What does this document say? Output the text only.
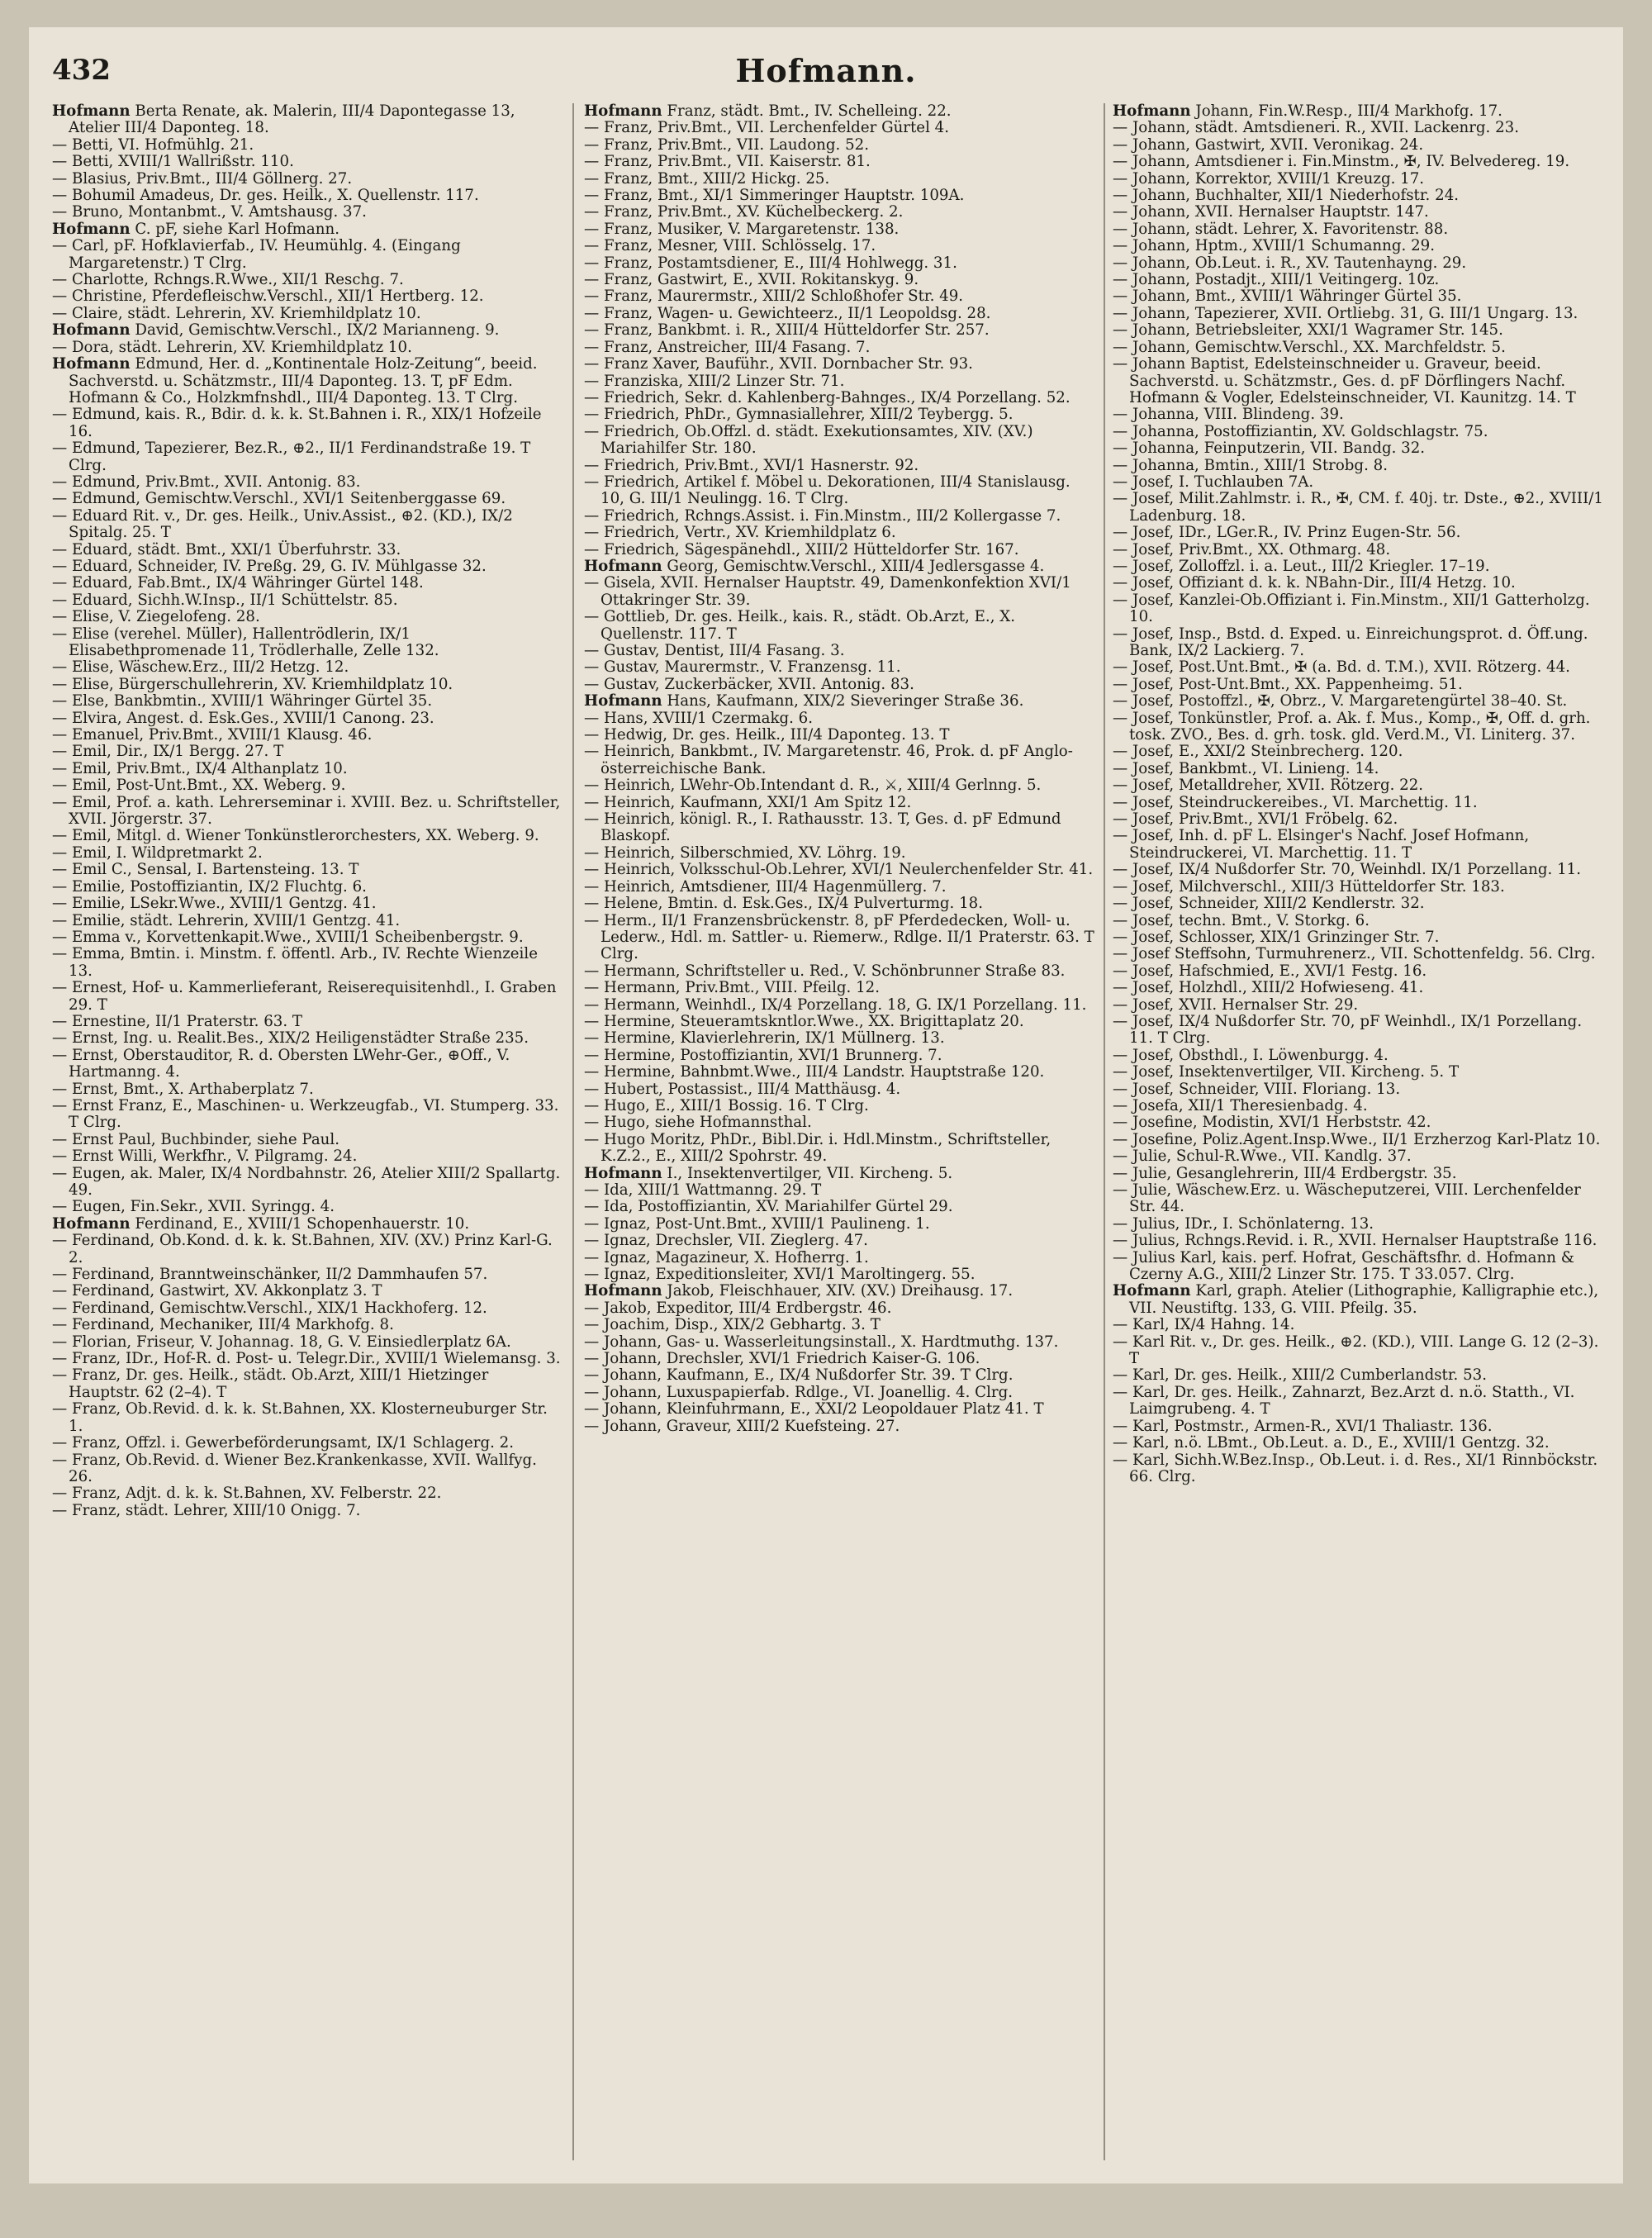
432	Hofmann.

Hofmann Berta Renate, ak. Malerin, III/4 Dapontegasse 13, Atelier III/4 Daponteg. 18.

— Betti, VI. Hofmühlg. 21.

— Betti, XVIII/1 Wallrißstr. 110.

— Blasius, Priv.Bmt., III/4 Göllnerg. 27.

— Bohumil Amadeus, Dr. ges. Heilk., X. Quellenstr. 117.

— Bruno, Montanbmt., V. Amtshausg. 37.

Hofmann C. pF, siehe Karl Hofmann.

— Carl, pF. Hofklavierfab., IV. Heumühlg. 4. (Eingang Margaretenstr.) T Clrg.

— Charlotte, Rchngs.R.Wwe., XII/1 Reschg. 7.

— Christine, Pferdefleischw.Verschl., XII/1 Hertberg. 12.

— Claire, städt. Lehrerin, XV. Kriemhildplatz 10.

Hofmann David, Gemischtw.Verschl., IX/2 Marianneng. 9.

— Dora, städt. Lehrerin, XV. Kriemhildplatz 10.

Hofmann Edmund, Her. d. „Kontinentale Holz-Zeitung“, beeid. Sachverstd. u. Schätzmstr., III/4 Daponteg. 13. T, pF Edm. Hofmann & Co., Holzkmfnshdl., III/4 Daponteg. 13. T Clrg.

— Edmund, kais. R., Bdir. d. k. k. St.Bahnen i. R., XIX/1 Hofzeile 16.

— Edmund, Tapezierer, Bez.R., ⊕2., II/1 Ferdinandstraße 19. T Clrg.

— Edmund, Priv.Bmt., XVII. Antonig. 83.

— Edmund, Gemischtw.Verschl., XVI/1 Seitenberggasse 69.

— Eduard Rit. v., Dr. ges. Heilk., Univ.Assist., ⊕2. (KD.), IX/2 Spitalg. 25. T

— Eduard, städt. Bmt., XXI/1 Überfuhrstr. 33.

— Eduard, Schneider, IV. Preßg. 29, G. IV. Mühlgasse 32.

— Eduard, Fab.Bmt., IX/4 Währinger Gürtel 148.

— Eduard, Sichh.W.Insp., II/1 Schüttelstr. 85.

— Elise, V. Ziegelofeng. 28.

— Elise (verehel. Müller), Hallentrödlerin, IX/1 Elisabethpromenade 11, Trödlerhalle, Zelle 132.

— Elise, Wäschew.Erz., III/2 Hetzg. 12.

— Elise, Bürgerschullehrerin, XV. Kriemhildplatz 10.

— Else, Bankbmtin., XVIII/1 Währinger Gürtel 35.

— Elvira, Angest. d. Esk.Ges., XVIII/1 Canong. 23.

— Emanuel, Priv.Bmt., XVIII/1 Klausg. 46.

— Emil, Dir., IX/1 Bergg. 27. T

— Emil, Priv.Bmt., IX/4 Althanplatz 10.

— Emil, Post-Unt.Bmt., XX. Weberg. 9.

— Emil, Prof. a. kath. Lehrerseminar i. XVIII. Bez. u. Schriftsteller, XVII. Jörgerstr. 37.

— Emil, Mitgl. d. Wiener Tonkünstlerorchesters, XX. Weberg. 9.

— Emil, I. Wildpretmarkt 2.

— Emil C., Sensal, I. Bartensteing. 13. T

— Emilie, Postoffiziantin, IX/2 Fluchtg. 6.

— Emilie, LSekr.Wwe., XVIII/1 Gentzg. 41.

— Emilie, städt. Lehrerin, XVIII/1 Gentzg. 41.

— Emma v., Korvettenkapit.Wwe., XVIII/1 Scheibenbergstr. 9.

— Emma, Bmtin. i. Minstm. f. öffentl. Arb., IV. Rechte Wienzeile 13.

— Ernest, Hof- u. Kammerlieferant, Reiserequisitenhdl., I. Graben 29. T

— Ernestine, II/1 Praterstr. 63. T

— Ernst, Ing. u. Realit.Bes., XIX/2 Heiligenstädter Straße 235.

— Ernst, Oberstauditor, R. d. Obersten LWehr-Ger., ⊕Off., V. Hartmanng. 4.

— Ernst, Bmt., X. Arthaberplatz 7.

— Ernst Franz, E., Maschinen- u. Werkzeugfab., VI. Stumperg. 33. T Clrg.

— Ernst Paul, Buchbinder, siehe Paul.

— Ernst Willi, Werkfhr., V. Pilgramg. 24.

— Eugen, ak. Maler, IX/4 Nordbahnstr. 26, Atelier XIII/2 Spallartg. 49.

— Eugen, Fin.Sekr., XVII. Syringg. 4.

Hofmann Ferdinand, E., XVIII/1 Schopenhauerstr. 10.

— Ferdinand, Ob.Kond. d. k. k. St.Bahnen, XIV. (XV.) Prinz Karl-G. 2.

— Ferdinand, Branntweinschänker, II/2 Dammhaufen 57.

— Ferdinand, Gastwirt, XV. Akkonplatz 3. T

— Ferdinand, Gemischtw.Verschl., XIX/1 Hackhoferg. 12.

— Ferdinand, Mechaniker, III/4 Markhofg. 8.

— Florian, Friseur, V. Johannag. 18, G. V. Einsiedlerplatz 6A.

— Franz, IDr., Hof-R. d. Post- u. Telegr.Dir., XVIII/1 Wielemansg. 3.

— Franz, Dr. ges. Heilk., städt. Ob.Arzt, XIII/1 Hietzinger Hauptstr. 62 (2–4). T

— Franz, Ob.Revid. d. k. k. St.Bahnen, XX. Klosterneuburger Str. 1.

— Franz, Offzl. i. Gewerbeförderungsamt, IX/1 Schlagerg. 2.

— Franz, Ob.Revid. d. Wiener Bez.Krankenkasse, XVII. Wallfyg. 26.

— Franz, Adjt. d. k. k. St.Bahnen, XV. Felberstr. 22.

— Franz, städt. Lehrer, XIII/10 Onigg. 7.

Hofmann Franz, städt. Bmt., IV. Schelleing. 22.

— Franz, Priv.Bmt., VII. Lerchenfelder Gürtel 4.

— Franz, Priv.Bmt., VII. Laudong. 52.

— Franz, Priv.Bmt., VII. Kaiserstr. 81.

— Franz, Bmt., XIII/2 Hickg. 25.

— Franz, Bmt., XI/1 Simmeringer Hauptstr. 109A.

— Franz, Priv.Bmt., XV. Küchelbeckerg. 2.

— Franz, Musiker, V. Margaretenstr. 138.

— Franz, Mesner, VIII. Schlösselg. 17.

— Franz, Postamtsdiener, E., III/4 Hohlwegg. 31.

— Franz, Gastwirt, E., XVII. Rokitanskyg. 9.

— Franz, Maurermstr., XIII/2 Schloßhofer Str. 49.

— Franz, Wagen- u. Gewichteerz., II/1 Leopoldsg. 28.

— Franz, Bankbmt. i. R., XIII/4 Hütteldorfer Str. 257.

— Franz, Anstreicher, III/4 Fasang. 7.

— Franz Xaver, Bauführ., XVII. Dornbacher Str. 93.

— Franziska, XIII/2 Linzer Str. 71.

— Friedrich, Sekr. d. Kahlenberg-Bahnges., IX/4 Porzellang. 52.

— Friedrich, PhDr., Gymnasiallehrer, XIII/2 Teybergg. 5.

— Friedrich, Ob.Offzl. d. städt. Exekutionsamtes, XIV. (XV.) Mariahilfer Str. 180.

— Friedrich, Priv.Bmt., XVI/1 Hasnerstr. 92.

— Friedrich, Artikel f. Möbel u. Dekorationen, III/4 Stanislausg. 10, G. III/1 Neulingg. 16. T Clrg.

— Friedrich, Rchngs.Assist. i. Fin.Minstm., III/2 Kollergasse 7.

— Friedrich, Vertr., XV. Kriemhildplatz 6.

— Friedrich, Sägespänehdl., XIII/2 Hütteldorfer Str. 167.

Hofmann Georg, Gemischtw.Verschl., XIII/4 Jedlersgasse 4.

— Gisela, XVII. Hernalser Hauptstr. 49, Damenkonfektion XVI/1 Ottakringer Str. 39.

— Gottlieb, Dr. ges. Heilk., kais. R., städt. Ob.Arzt, E., X. Quellenstr. 117. T

— Gustav, Dentist, III/4 Fasang. 3.

— Gustav, Maurermstr., V. Franzensg. 11.

— Gustav, Zuckerbäcker, XVII. Antonig. 83.

Hofmann Hans, Kaufmann, XIX/2 Sieveringer Straße 36.

— Hans, XVIII/1 Czermakg. 6.

— Hedwig, Dr. ges. Heilk., III/4 Daponteg. 13. T

— Heinrich, Bankbmt., IV. Margaretenstr. 46, Prok. d. pF Anglo-österreichische Bank.

— Heinrich, LWehr-Ob.Intendant d. R., ⚔, XIII/4 Gerlnng. 5.

— Heinrich, Kaufmann, XXI/1 Am Spitz 12.

— Heinrich, königl. R., I. Rathausstr. 13. T, Ges. d. pF Edmund Blaskopf.

— Heinrich, Silberschmied, XV. Löhrg. 19.

— Heinrich, Volksschul-Ob.Lehrer, XVI/1 Neulerchenfelder Str. 41.

— Heinrich, Amtsdiener, III/4 Hagenmüllerg. 7.

— Helene, Bmtin. d. Esk.Ges., IX/4 Pulverturmg. 18.

— Herm., II/1 Franzensbrückenstr. 8, pF Pferdedecken, Woll- u. Lederw., Hdl. m. Sattler- u. Riemerw., Rdlge. II/1 Praterstr. 63. T Clrg.

— Hermann, Schriftsteller u. Red., V. Schönbrunner Straße 83.

— Hermann, Priv.Bmt., VIII. Pfeilg. 12.

— Hermann, Weinhdl., IX/4 Porzellang. 18, G. IX/1 Porzellang. 11.

— Hermine, Steueramtskntlor.Wwe., XX. Brigittaplatz 20.

— Hermine, Klavierlehrerin, IX/1 Müllnerg. 13.

— Hermine, Postoffiziantin, XVI/1 Brunnerg. 7.

— Hermine, Bahnbmt.Wwe., III/4 Landstr. Hauptstraße 120.

— Hubert, Postassist., III/4 Matthäusg. 4.

— Hugo, E., XIII/1 Bossig. 16. T Clrg.

— Hugo, siehe Hofmannsthal.

— Hugo Moritz, PhDr., Bibl.Dir. i. Hdl.Minstm., Schriftsteller, K.Z.2., E., XIII/2 Spohrstr. 49.

Hofmann I., Insektenvertilger, VII. Kircheng. 5.

— Ida, XIII/1 Wattmanng. 29. T

— Ida, Postoffiziantin, XV. Mariahilfer Gürtel 29.

— Ignaz, Post-Unt.Bmt., XVIII/1 Paulineng. 1.

— Ignaz, Drechsler, VII. Zieglerg. 47.

— Ignaz, Magazineur, X. Hofherrg. 1.

— Ignaz, Expeditionsleiter, XVI/1 Maroltingerg. 55.

Hofmann Jakob, Fleischhauer, XIV. (XV.) Dreihausg. 17.

— Jakob, Expeditor, III/4 Erdbergstr. 46.

— Joachim, Disp., XIX/2 Gebhartg. 3. T

— Johann, Gas- u. Wasserleitungsinstall., X. Hardtmuthg. 137.

— Johann, Drechsler, XVI/1 Friedrich Kaiser-G. 106.

— Johann, Kaufmann, E., IX/4 Nußdorfer Str. 39. T Clrg.

— Johann, Luxuspapierfab. Rdlge., VI. Joanellig. 4. Clrg.

— Johann, Kleinfuhrmann, E., XXI/2 Leopoldauer Platz 41. T

— Johann, Graveur, XIII/2 Kuefsteing. 27.

Hofmann Johann, Fin.W.Resp., III/4 Markhofg. 17.

— Johann, städt. Amtsdieneri. R., XVII. Lackenrg. 23.

— Johann, Gastwirt, XVII. Veronikag. 24.

— Johann, Amtsdiener i. Fin.Minstm., ✠, IV. Belvedereg. 19.

— Johann, Korrektor, XVIII/1 Kreuzg. 17.

— Johann, Buchhalter, XII/1 Niederhofstr. 24.

— Johann, XVII. Hernalser Hauptstr. 147.

— Johann, städt. Lehrer, X. Favoritenstr. 88.

— Johann, Hptm., XVIII/1 Schumanng. 29.

— Johann, Ob.Leut. i. R., XV. Tautenhayng. 29.

— Johann, Postadjt., XIII/1 Veitingerg. 10z.

— Johann, Bmt., XVIII/1 Währinger Gürtel 35.

— Johann, Tapezierer, XVII. Ortliebg. 31, G. III/1 Ungarg. 13.

— Johann, Betriebsleiter, XXI/1 Wagramer Str. 145.

— Johann, Gemischtw.Verschl., XX. Marchfeldstr. 5.

— Johann Baptist, Edelsteinschneider u. Graveur, beeid. Sachverstd. u. Schätzmstr., Ges. d. pF Dörflingers Nachf. Hofmann & Vogler, Edelsteinschneider, VI. Kaunitzg. 14. T

— Johanna, VIII. Blindeng. 39.

— Johanna, Postoffiziantin, XV. Goldschlagstr. 75.

— Johanna, Feinputzerin, VII. Bandg. 32.

— Johanna, Bmtin., XIII/1 Strobg. 8.

— Josef, I. Tuchlauben 7A.

— Josef, Milit.Zahlmstr. i. R., ✠, CM. f. 40j. tr. Dste., ⊕2., XVIII/1 Ladenburg. 18.

— Josef, IDr., LGer.R., IV. Prinz Eugen-Str. 56.

— Josef, Priv.Bmt., XX. Othmarg. 48.

— Josef, Zolloffzl. i. a. Leut., III/2 Kriegler. 17–19.

— Josef, Offiziant d. k. k. NBahn-Dir., III/4 Hetzg. 10.

— Josef, Kanzlei-Ob.Offiziant i. Fin.Minstm., XII/1 Gatterholzg. 10.

— Josef, Insp., Bstd. d. Exped. u. Einreichungsprot. d. Öff.ung. Bank, IX/2 Lackierg. 7.

— Josef, Post.Unt.Bmt., ✠ (a. Bd. d. T.M.), XVII. Rötzerg. 44.

— Josef, Post-Unt.Bmt., XX. Pappenheimg. 51.

— Josef, Postoffzl., ✠, Obrz., V. Margaretengürtel 38–40. St.

— Josef, Tonkünstler, Prof. a. Ak. f. Mus., Komp., ✠, Off. d. grh. tosk. ZVO., Bes. d. grh. tosk. gld. Verd.M., VI. Liniterg. 37.

— Josef, E., XXI/2 Steinbrecherg. 120.

— Josef, Bankbmt., VI. Linieng. 14.

— Josef, Metalldreher, XVII. Rötzerg. 22.

— Josef, Steindruckereibes., VI. Marchettig. 11.

— Josef, Priv.Bmt., XVI/1 Fröbelg. 62.

— Josef, Inh. d. pF L. Elsinger's Nachf. Josef Hofmann, Steindruckerei, VI. Marchettig. 11. T

— Josef, IX/4 Nußdorfer Str. 70, Weinhdl. IX/1 Porzellang. 11.

— Josef, Milchverschl., XIII/3 Hütteldorfer Str. 183.

— Josef, Schneider, XIII/2 Kendlerstr. 32.

— Josef, techn. Bmt., V. Storkg. 6.

— Josef, Schlosser, XIX/1 Grinzinger Str. 7.

— Josef Steffsohn, Turmuhrenerz., VII. Schottenfeldg. 56. Clrg.

— Josef, Hafschmied, E., XVI/1 Festg. 16.

— Josef, Holzhdl., XIII/2 Hofwieseng. 41.

— Josef, XVII. Hernalser Str. 29.

— Josef, IX/4 Nußdorfer Str. 70, pF Weinhdl., IX/1 Porzellang. 11. T Clrg.

— Josef, Obsthdl., I. Löwenburgg. 4.

— Josef, Insektenvertilger, VII. Kircheng. 5. T

— Josef, Schneider, VIII. Floriang. 13.

— Josefa, XII/1 Theresienbadg. 4.

— Josefine, Modistin, XVI/1 Herbststr. 42.

— Josefine, Poliz.Agent.Insp.Wwe., II/1 Erzherzog Karl-Platz 10.

— Julie, Schul-R.Wwe., VII. Kandlg. 37.

— Julie, Gesanglehrerin, III/4 Erdbergstr. 35.

— Julie, Wäschew.Erz. u. Wäscheputzerei, VIII. Lerchenfelder Str. 44.

— Julius, IDr., I. Schönlaterng. 13.

— Julius, Rchngs.Revid. i. R., XVII. Hernalser Hauptstraße 116.

— Julius Karl, kais. perf. Hofrat, Geschäftsfhr. d. Hofmann & Czerny A.G., XIII/2 Linzer Str. 175. T 33.057. Clrg.

Hofmann Karl, graph. Atelier (Lithographie, Kalligraphie etc.), VII. Neustiftg. 133, G. VIII. Pfeilg. 35.

— Karl, IX/4 Hahng. 14.

— Karl Rit. v., Dr. ges. Heilk., ⊕2. (KD.), VIII. Lange G. 12 (2–3). T

— Karl, Dr. ges. Heilk., XIII/2 Cumberlandstr. 53.

— Karl, Dr. ges. Heilk., Zahnarzt, Bez.Arzt d. n.ö. Statth., VI. Laimgrubeng. 4. T

— Karl, Postmstr., Armen-R., XVI/1 Thaliastr. 136.

— Karl, n.ö. LBmt., Ob.Leut. a. D., E., XVIII/1 Gentzg. 32.

— Karl, Sichh.W.Bez.Insp., Ob.Leut. i. d. Res., XI/1 Rinnböckstr. 66. Clrg.
